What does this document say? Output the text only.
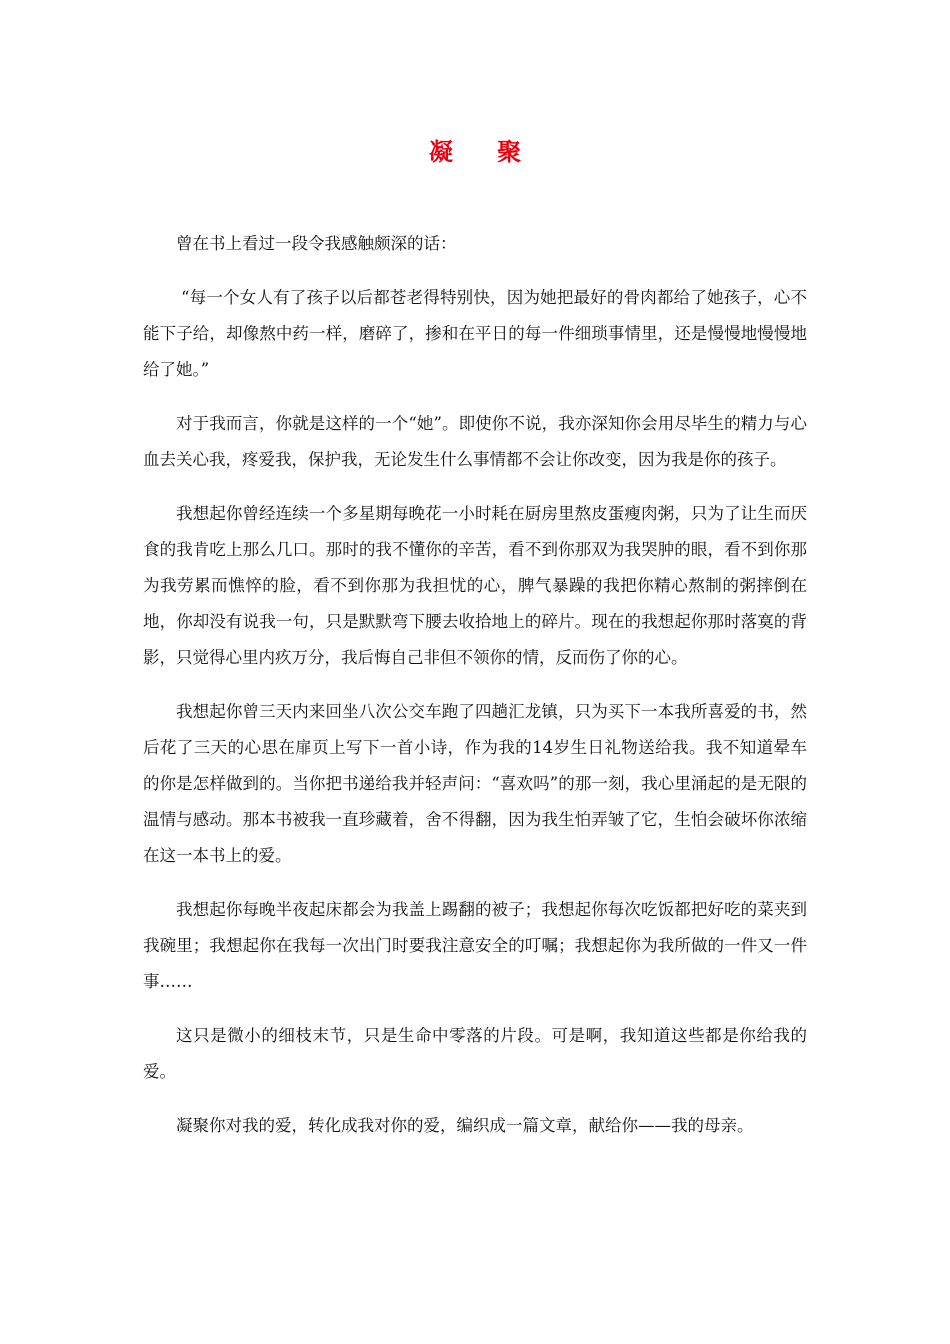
凝 聚

曾在书上看过一段令我感触颇深的话：

“每一个女人有了孩子以后都苍老得特别快，因为她把最好的骨肉都给了她孩子，心不能下子给，却像熬中药一样，磨碎了，掺和在平日的每一件细琐事情里，还是慢慢地慢慢地给了她。”

对于我而言，你就是这样的一个“她”。即使你不说，我亦深知你会用尽毕生的精力与心血去关心我，疼爱我，保护我，无论发生什么事情都不会让你改变，因为我是你的孩子。

我想起你曾经连续一个多星期每晚花一小时耗在厨房里熬皮蛋瘦肉粥，只为了让生而厌食的我肯吃上那么几口。那时的我不懂你的辛苦，看不到你那双为我哭肿的眼，看不到你那为我劳累而憔悴的脸，看不到你那为我担忧的心，脾气暴躁的我把你精心熬制的粥摔倒在地，你却没有说我一句，只是默默弯下腰去收拾地上的碎片。现在的我想起你那时落寞的背影，只觉得心里内疚万分，我后悔自己非但不领你的情，反而伤了你的心。

我想起你曾三天内来回坐八次公交车跑了四趟汇龙镇，只为买下一本我所喜爱的书，然后花了三天的心思在扉页上写下一首小诗，作为我的14岁生日礼物送给我。我不知道晕车的你是怎样做到的。当你把书递给我并轻声问：“喜欢吗”的那一刻，我心里涌起的是无限的温情与感动。那本书被我一直珍藏着，舍不得翻，因为我生怕弄皱了它，生怕会破坏你浓缩在这一本书上的爱。

我想起你每晚半夜起床都会为我盖上踢翻的被子；我想起你每次吃饭都把好吃的菜夹到我碗里；我想起你在我每一次出门时要我注意安全的叮嘱；我想起你为我所做的一件又一件事……

这只是微小的细枝末节，只是生命中零落的片段。可是啊，我知道这些都是你给我的爱。

凝聚你对我的爱，转化成我对你的爱，编织成一篇文章，献给你——我的母亲。
